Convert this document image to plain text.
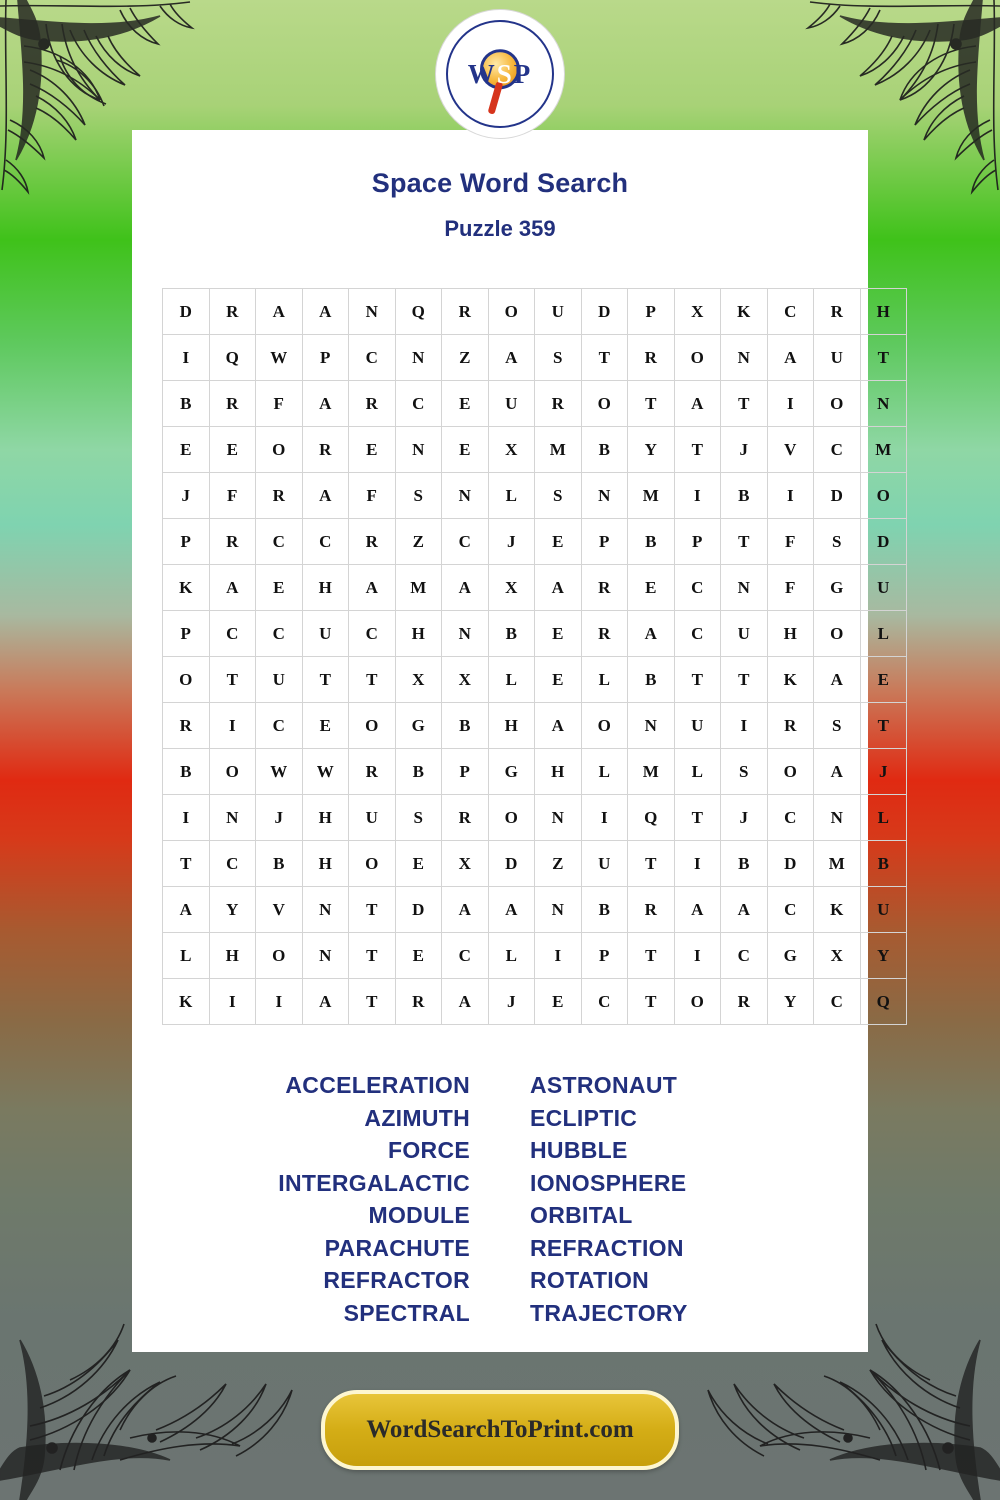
WSP
Space Word Search
Puzzle 359
D	R	A	A	N	Q	R	O	U	D	P	X	K	C	R	H
I	Q	W	P	C	N	Z	A	S	T	R	O	N	A	U	T
B	R	F	A	R	C	E	U	R	O	T	A	T	I	O	N
E	E	O	R	E	N	E	X	M	B	Y	T	J	V	C	M
J	F	R	A	F	S	N	L	S	N	M	I	B	I	D	O
P	R	C	C	R	Z	C	J	E	P	B	P	T	F	S	D
K	A	E	H	A	M	A	X	A	R	E	C	N	F	G	U
P	C	C	U	C	H	N	B	E	R	A	C	U	H	O	L
O	T	U	T	T	X	X	L	E	L	B	T	T	K	A	E
R	I	C	E	O	G	B	H	A	O	N	U	I	R	S	T
B	O	W	W	R	B	P	G	H	L	M	L	S	O	A	J
I	N	J	H	U	S	R	O	N	I	Q	T	J	C	N	L
T	C	B	H	O	E	X	D	Z	U	T	I	B	D	M	B
A	Y	V	N	T	D	A	A	N	B	R	A	A	C	K	U
L	H	O	N	T	E	C	L	I	P	T	I	C	G	X	Y
K	I	I	A	T	R	A	J	E	C	T	O	R	Y	C	Q
ACCELERATION
AZIMUTH
FORCE
INTERGALACTIC
MODULE
PARACHUTE
REFRACTOR
SPECTRAL
ASTRONAUT
ECLIPTIC
HUBBLE
IONOSPHERE
ORBITAL
REFRACTION
ROTATION
TRAJECTORY
WordSearchToPrint.com
